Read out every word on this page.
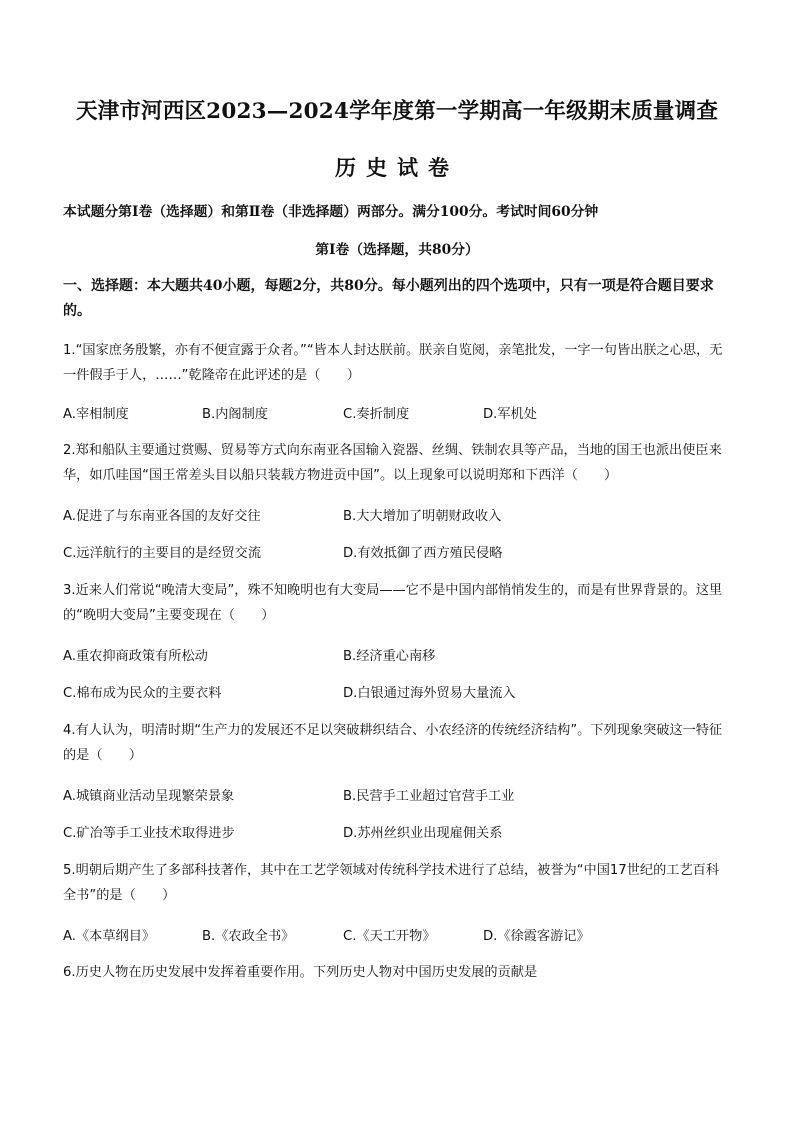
天津市河西区2023—2024学年度第一学期高一年级期末质量调查
历史试卷
本试题分第Ⅰ卷（选择题）和第Ⅱ卷（非选择题）两部分。满分100分。考试时间60分钟
第Ⅰ卷（选择题，共80分）
一、选择题：本大题共40小题，每题2分，共80分。每小题列出的四个选项中，只有一项是符合题目要求的。
1.“国家庶务殷繁，亦有不便宣露于众者。”“皆本人封达朕前。朕亲自览阅，亲笔批发，一字一句皆出朕之心思，无一件假手于人，……”乾隆帝在此评述的是（　　）
A.宰相制度	B.内阁制度	C.奏折制度	D.军机处
2.郑和船队主要通过赏赐、贸易等方式向东南亚各国输入瓷器、丝绸、铁制农具等产品，当地的国王也派出使臣来华，如爪哇国“国王常差头目以船只装载方物进贡中国”。以上现象可以说明郑和下西洋（　　）
A.促进了与东南亚各国的友好交往	B.大大增加了明朝财政收入
C.远洋航行的主要目的是经贸交流	D.有效抵御了西方殖民侵略
3.近来人们常说“晚清大变局”，殊不知晚明也有大变局——它不是中国内部悄悄发生的，而是有世界背景的。这里的“晚明大变局”主要变现在（　　）
A.重农抑商政策有所松动	B.经济重心南移
C.棉布成为民众的主要衣料	D.白银通过海外贸易大量流入
4.有人认为，明清时期“生产力的发展还不足以突破耕织结合、小农经济的传统经济结构”。下列现象突破这一特征的是（　　）
A.城镇商业活动呈现繁荣景象	B.民营手工业超过官营手工业
C.矿冶等手工业技术取得进步	D.苏州丝织业出现雇佣关系
5.明朝后期产生了多部科技著作，其中在工艺学领域对传统科学技术进行了总结，被誉为“中国17世纪的工艺百科全书”的是（　　）
A.《本草纲目》	B.《农政全书》	C.《天工开物》	D.《徐霞客游记》
6.历史人物在历史发展中发挥着重要作用。下列历史人物对中国历史发展的贡献是
